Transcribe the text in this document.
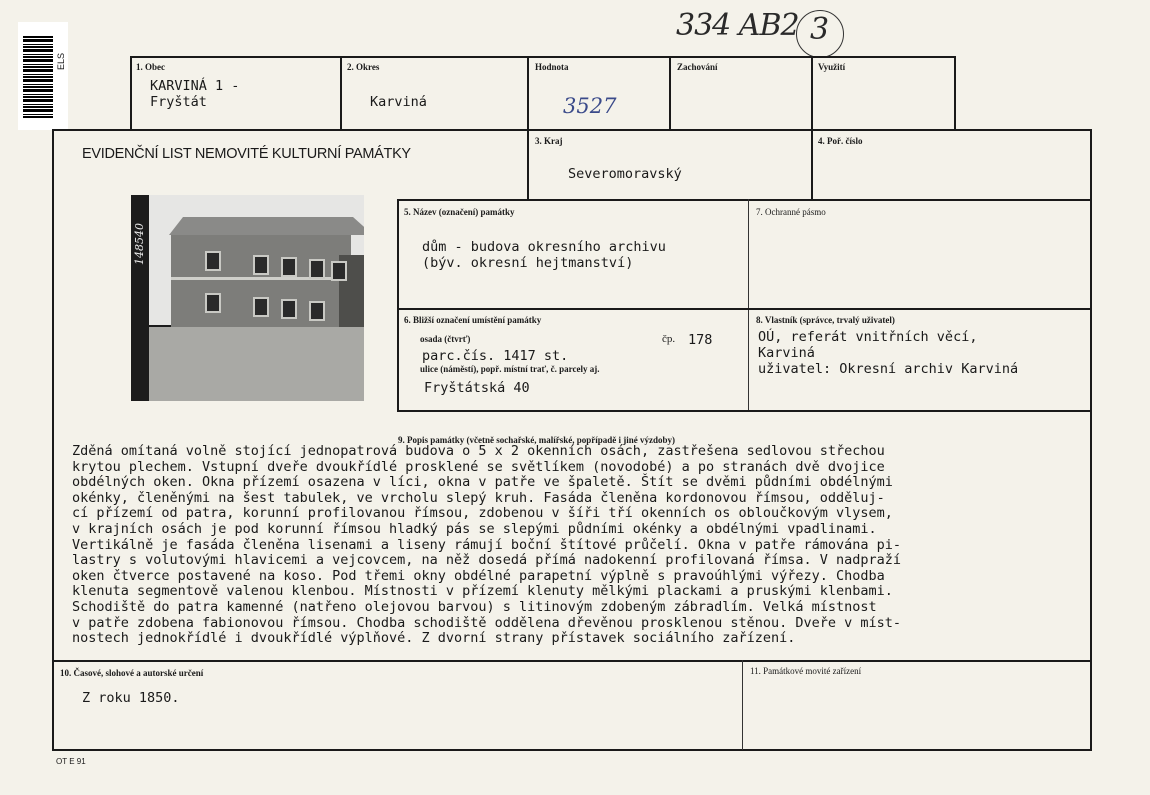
334 AB2 3
ELS	1. Obec
KARVINÁ 1 -
Fryštát
2. Okres
Karviná
Hodnota
3527
Zachování	Využití
EVIDENČNÍ LIST NEMOVITÉ KULTURNÍ PAMÁTKY
3. Kraj
Severomoravský
4. Poř. číslo
5. Název (označení) památky
dům - budova okresního archivu
(býv. okresní hejtmanství)
7. Ochranné pásmo
6. Bližší označení umístění památky
osada (čtvrť)	čp. 178
parc.čís. 1417 st.
ulice (náměstí), popř. místní trať, č. parcely aj.
Fryštátská 40
8. Vlastník (správce, trvalý uživatel)
OÚ, referát vnitřních věcí,
Karviná
uživatel: Okresní archiv Karviná
148540
9. Popis památky (včetně sochařské, malířské, popřípadě i jiné výzdoby)
Zděná omítaná volně stojící jednopatrová budova o 5 x 2 okenních osách, zastřešena sedlovou střechou
krytou plechem. Vstupní dveře dvoukřídlé prosklené se světlíkem (novodobé) a po stranách dvě dvojice
obdélných oken. Okna přízemí osazena v líci, okna v patře ve špaletě. Štít se dvěmi půdními obdélnými
okénky, členěnými na šest tabulek, ve vrcholu slepý kruh. Fasáda členěna kordonovou římsou, odděluj-
cí přízemí od patra, korunní profilovanou římsou, zdobenou v šíři tří okenních os obloučkovým vlysem,
v krajních osách je pod korunní římsou hladký pás se slepými půdními okénky a obdélnými vpadlinami.
Vertikálně je fasáda členěna lisenami a liseny rámují boční štítové průčelí. Okna v patře rámována pi-
lastry s volutovými hlavicemi a vejcovcem, na něž dosedá přímá nadokenní profilovaná římsa. V nadpraží
oken čtverce postavené na koso. Pod třemi okny obdélné parapetní výplně s pravoúhlými výřezy. Chodba
klenuta segmentově valenou klenbou. Místnosti v přízemí klenuty mělkými plackami a pruskými klenbami.
Schodiště do patra kamenné (natřeno olejovou barvou) s litinovým zdobeným zábradlím. Velká místnost
v patře zdobena fabionovou římsou. Chodba schodiště oddělena dřevěnou prosklenou stěnou. Dveře v míst-
nostech jednokřídlé i dvoukřídlé výplňové. Z dvorní strany přístavek sociálního zařízení.
10. Časové, slohové a autorské určení
Z roku 1850.
11. Památkové movité zařízení
OT E 91
